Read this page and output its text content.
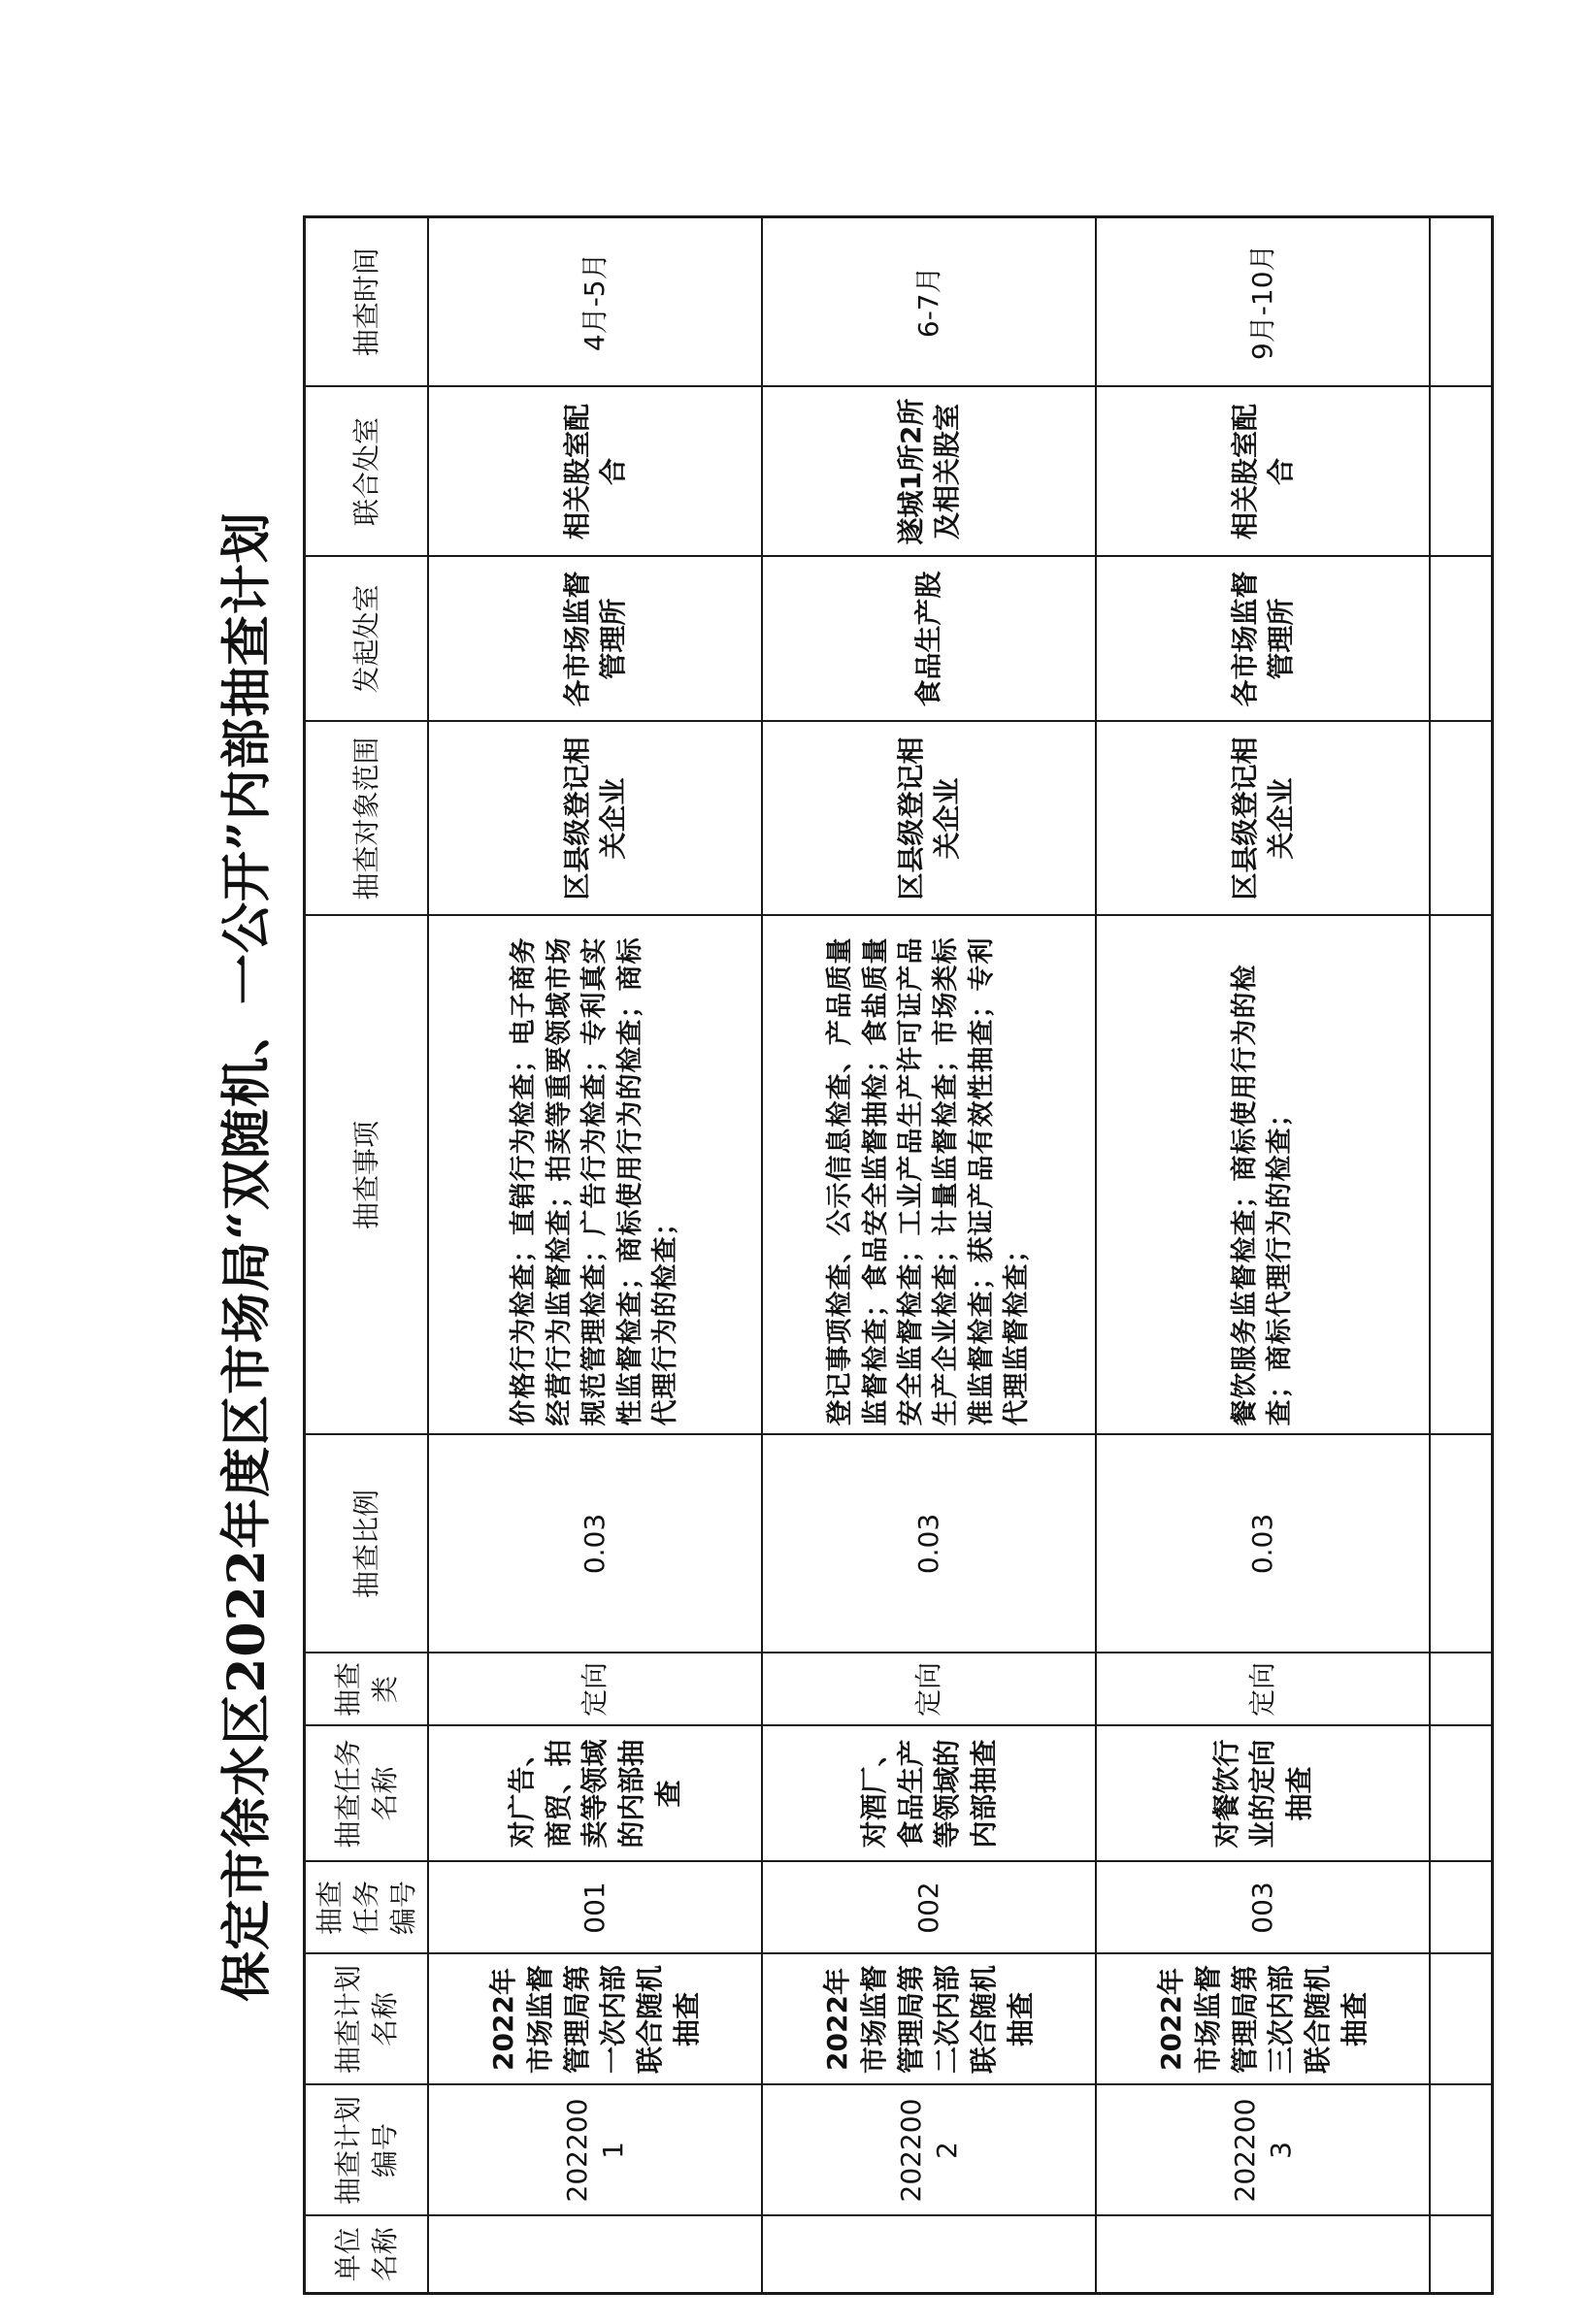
保定市徐水区2022年度区市场局“双随机、一公开”内部抽查计划
单位名称	抽查计划编号	抽查计划名称	抽查任务编号	抽查任务名称	抽查类	抽查比例	抽查事项	抽查对象范围	发起处室	联合处室	抽查时间
	2022001	2022年市场监督管理局第一次内部联合随机抽查	001	对广告、商贸、拍卖等领域的内部抽查	定向	0.03	价格行为检查；直销行为检查；电子商务经营行为监督检查；拍卖等重要领域市场规范管理检查；广告行为检查；专利真实性监督检查；商标使用行为的检查；商标代理行为的检查；	区县级登记相关企业	各市场监督管理所	相关股室配合	4月-5月
	2022002	2022年市场监督管理局第二次内部联合随机抽查	002	对酒厂、食品生产等领域的内部抽查	定向	0.03	登记事项检查、公示信息检查、产品质量监督检查；食品安全监督抽检；食盐质量安全监督检查；工业产品生产许可证产品生产企业检查；计量监督检查；市场类标准监督检查；获证产品有效性抽查；专利代理监督检查；	区县级登记相关企业	食品生产股	遂城1所2所及相关股室	6-7月
	2022003	2022年市场监督管理局第三次内部联合随机抽查	003	对餐饮行业的定向抽查	定向	0.03	餐饮服务监督检查；商标使用行为的检查；商标代理行为的检查；	区县级登记相关企业	各市场监督管理所	相关股室配合	9月-10月
